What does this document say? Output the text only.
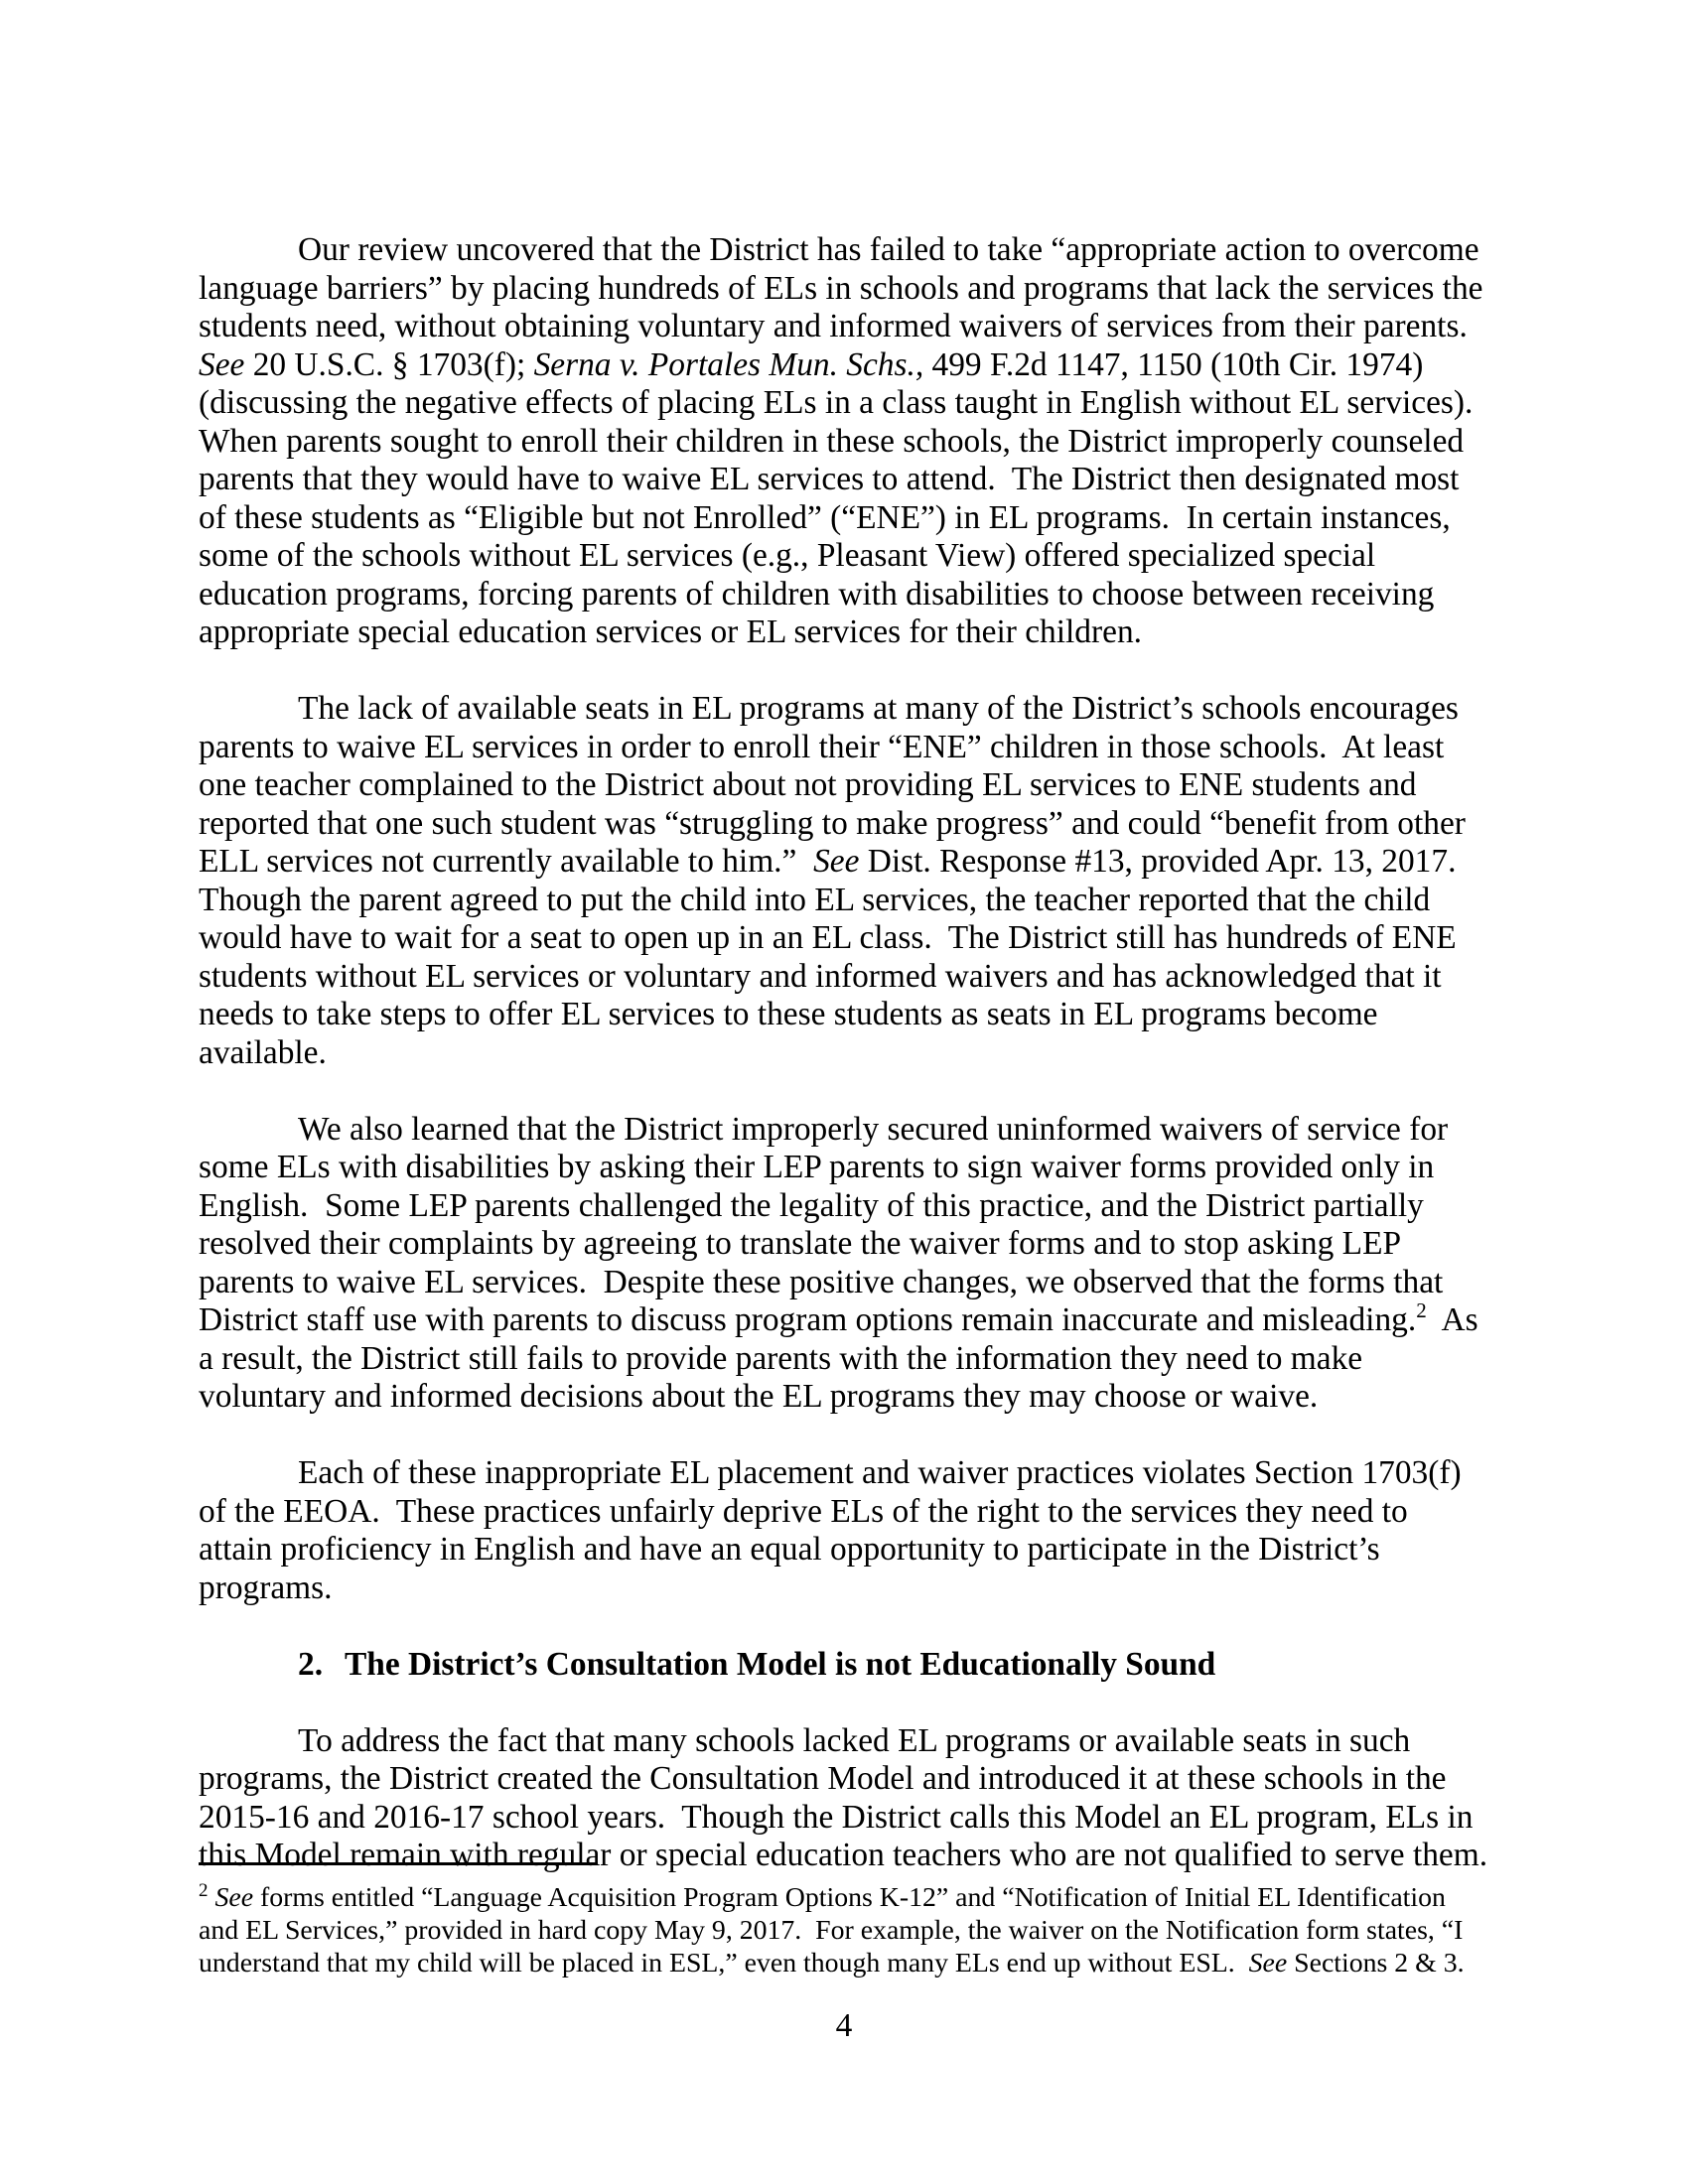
Our review uncovered that the District has failed to take “appropriate action to overcome language barriers” by placing hundreds of ELs in schools and programs that lack the services the students need, without obtaining voluntary and informed waivers of services from their parents.  See 20 U.S.C. § 1703(f); Serna v. Portales Mun. Schs., 499 F.2d 1147, 1150 (10th Cir. 1974) (discussing the negative effects of placing ELs in a class taught in English without EL services).  When parents sought to enroll their children in these schools, the District improperly counseled parents that they would have to waive EL services to attend.  The District then designated most of these students as “Eligible but not Enrolled” (“ENE”) in EL programs.  In certain instances, some of the schools without EL services (e.g., Pleasant View) offered specialized special education programs, forcing parents of children with disabilities to choose between receiving appropriate special education services or EL services for their children.
The lack of available seats in EL programs at many of the District’s schools encourages parents to waive EL services in order to enroll their “ENE” children in those schools.  At least one teacher complained to the District about not providing EL services to ENE students and reported that one such student was “struggling to make progress” and could “benefit from other ELL services not currently available to him.”  See Dist. Response #13, provided Apr. 13, 2017.  Though the parent agreed to put the child into EL services, the teacher reported that the child would have to wait for a seat to open up in an EL class.  The District still has hundreds of ENE students without EL services or voluntary and informed waivers and has acknowledged that it needs to take steps to offer EL services to these students as seats in EL programs become available.
We also learned that the District improperly secured uninformed waivers of service for some ELs with disabilities by asking their LEP parents to sign waiver forms provided only in English.  Some LEP parents challenged the legality of this practice, and the District partially resolved their complaints by agreeing to translate the waiver forms and to stop asking LEP parents to waive EL services.  Despite these positive changes, we observed that the forms that District staff use with parents to discuss program options remain inaccurate and misleading.$^2$  As a result, the District still fails to provide parents with the information they need to make voluntary and informed decisions about the EL programs they may choose or waive.
Each of these inappropriate EL placement and waiver practices violates Section 1703(f) of the EEOA.  These practices unfairly deprive ELs of the right to the services they need to attain proficiency in English and have an equal opportunity to participate in the District’s programs.
2. The District’s Consultation Model is not Educationally Sound
To address the fact that many schools lacked EL programs or available seats in such programs, the District created the Consultation Model and introduced it at these schools in the 2015-16 and 2016-17 school years.  Though the District calls this Model an EL program, ELs in this Model remain with regular or special education teachers who are not qualified to serve them.
$^2$ See forms entitled “Language Acquisition Program Options K-12” and “Notification of Initial EL Identification and EL Services,” provided in hard copy May 9, 2017.  For example, the waiver on the Notification form states, “I understand that my child will be placed in ESL,” even though many ELs end up without ESL.  See Sections 2 & 3.
4
